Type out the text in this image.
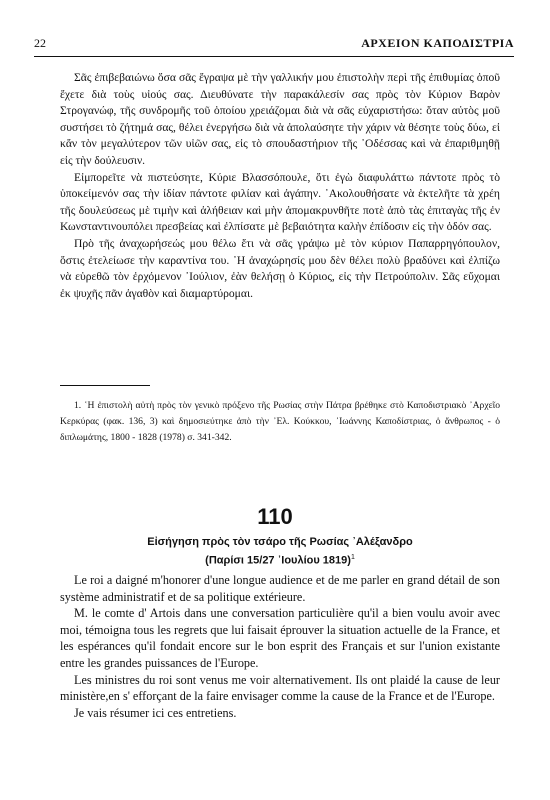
22	ΑΡΧΕΙΟΝ ΚΑΠΟΔΙΣΤΡΙΑ

Σᾶς ἐπιβεβαιώνω ὅσα σᾶς ἔγραψα μὲ τὴν γαλλικήν μου ἐπιστολὴν περὶ τῆς ἐπιθυμίας ὁποῦ ἔχετε διὰ τοὺς υἱούς σας. Διευθύνατε τὴν παρακάλεσίν σας πρὸς τὸν Κύριον Βαρὸν Στρογανώφ, τῆς συνδρομῆς τοῦ ὁποίου χρειάζομαι διὰ νὰ σᾶς εὐχαριστήσω: ὅταν αὐτὸς μοῦ συστήσει τὸ ζήτημά σας, θέλει ἐνεργήσω διὰ νὰ ἀπολαύσητε τὴν χάριν νὰ θέσητε τοὺς δύω, εἰ κἄν τὸν μεγαλύτερον τῶν υἱῶν σας, εἰς τὸ σπουδαστήριον τῆς ᾿Οδέσσας καὶ νὰ ἐπαριθμηθῇ εἰς τὴν δούλευσιν.

Εἰμπορεῖτε νὰ πιστεύσητε, Κύριε Βλασσόπουλε, ὅτι ἐγὼ διαφυλάττω πάντοτε πρὸς τὸ ὑποκείμενόν σας τὴν ἰδίαν πάντοτε φιλίαν καὶ ἀγάπην. ᾿Ακολουθήσατε νὰ ἐκτελῆτε τὰ χρέη τῆς δουλεύσεως μὲ τιμὴν καὶ ἀλήθειαν καὶ μὴν ἀπομακρυνθῆτε ποτὲ ἀπὸ τὰς ἐπιταγὰς τῆς ἐν Κωνσταντινουπόλει πρεσβείας καὶ ἐλπίσατε μὲ βεβαιότητα καλὴν ἐπίδοσιν εἰς τὴν ὁδόν σας.

Πρὸ τῆς ἀναχωρήσεώς μου θέλω ἔτι νὰ σᾶς γράψω μὲ τὸν κύριον Παπαρρηγόπουλον, ὅστις ἐτελείωσε τὴν καραντίνα του. ᾿Η ἀναχώρησίς μου δὲν θέλει πολὺ βραδύνει καὶ ἐλπίζω νὰ εὑρεθῶ τὸν ἐρχόμενον ᾿Ιούλιον, ἐὰν θελήσῃ ὁ Κύριος, εἰς τὴν Πετρούπολιν. Σᾶς εὔχομαι ἐκ ψυχῆς πᾶν ἀγαθὸν καὶ διαμαρτύρομαι.

1. ῾Η ἐπιστολὴ αὐτὴ πρὸς τὸν γενικὸ πρόξενο τῆς Ρωσίας στὴν Πάτρα βρέθηκε στὸ Καποδιστριακὸ ᾿Αρχεῖο Κερκύρας (φακ. 136, 3) καὶ δημοσιεύτηκε ἀπὸ τὴν ᾿Ελ. Κούκκου, ᾿Ιωάννης Καποδίστριας, ὁ ἄνθρωπος - ὁ διπλωμάτης, 1800 - 1828 (1978) σ. 341-342.

110
Εἰσήγηση πρὸς τὸν τσάρο τῆς Ρωσίας ᾿Αλέξανδρο
(Παρίσι 15/27 ᾿Ιουλίου 1819)$^1$

Le roi a daigné m'honorer d'une longue audience et de me parler en grand détail de son système administratif et de sa politique extérieure.

M. le comte d' Artois dans une conversation particulière qu'il a bien voulu avoir avec moi, témoigna tous les regrets que lui faisait éprouver la situation actuelle de la France, et les espérances qu'il fondait encore sur le bon esprit des Français et sur l'union existante entre les grandes puissances de l'Europe.

Les ministres du roi sont venus me voir alternativement. Ils ont plaidé la cause de leur ministère,en s' efforçant de la faire envisager comme la cause de la France et de l'Europe.

Je vais résumer ici ces entretiens.
